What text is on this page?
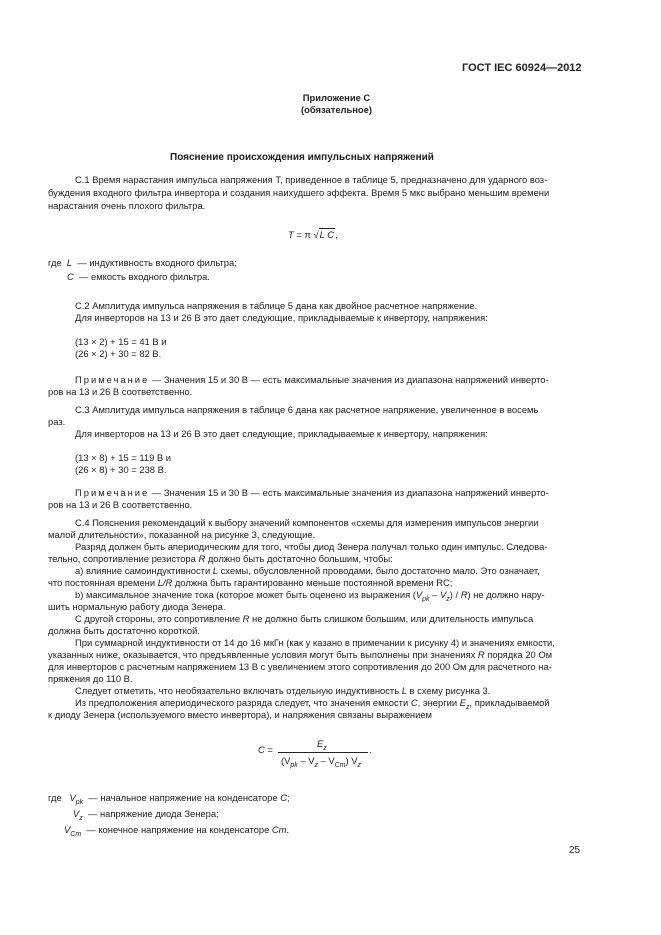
ГОСТ IEC 60924—2012
Приложение С
(обязательное)
Пояснение происхождения импульсных напряжений
С.1 Время нарастания импульса напряжения Т, приведенное в таблице 5, предназначено для ударного воз-
буждения входного фильтра инвертора и создания наихудшего эффекта. Время 5 мкс выбрано меньшим времени
нарастания очень плохого фильтра.
T = π √L C,
где L — индуктивность входного фильтра;
C — емкость входного фильтра.
С.2 Амплитуда импульса напряжения в таблице 5 дана как двойное расчетное напряжение.
Для инверторов на 13 и 26 В это дает следующие, прикладываемые к инвертору, напряжения:
(13 × 2) + 15 = 41 В и
(26 × 2) + 30 = 82 В.
Примечание — Значения 15 и 30 В — есть максимальные значения из диапазона напряжений инверто-
ров на 13 и 26 В соответственно.
С.3 Амплитуда импульса напряжения в таблице 6 дана как расчетное напряжение, увеличенное в восемь
раз.
Для инверторов на 13 и 26 В это дает следующие, прикладываемые к инвертору, напряжения:
(13 × 8) + 15 = 119 В и
(26 × 8) + 30 = 238 В.
Примечание — Значения 15 и 30 В — есть максимальные значения из диапазона напряжений инверто-
ров на 13 и 26 В соответственно.
С.4 Пояснения рекомендаций к выбору значений компонентов «схемы для измерения импульсов энергии
малой длительности», показанной на рисунке 3, следующие.
Разряд должен быть апериодическим для того, чтобы диод Зенера получал только один импульс. Следова-
тельно, сопротивление резистора R должно быть достаточно большим, чтобы:
а) влияние самоиндуктивности L схемы, обусловленной проводами, было достаточно мало. Это означает,
что постоянная времени L/R должна быть гарантированно меньше постоянной времени RC;
b) максимальное значение тока (которое может быть оценено из выражения $(V_{pk} - V_z) / R$) не должно нару-
шить нормальную работу диода Зенера.
С другой стороны, это сопротивление R не должно быть слишком большим, или длительность импульса
должна быть достаточно короткой.
При суммарной индуктивности от 14 до 16 мкГн (как у казано в примечании к рисунку 4) и значениях емкости,
указанных ниже, оказывается, что предъявленные условия могут быть выполнены при значениях R порядка 20 Ом
для инверторов с расчетным напряжением 13 В с увеличением этого сопротивления до 200 Ом для расчетного на-
пряжения до 110 В.
Следует отметить, что необязательно включать отдельную индуктивность L в схему рисунка 3.
Из предположения апериодического разряда следует, что значения емкости C, энергии $E_z$, прикладываемой
к диоду Зенера (используемого вместо инвертора), и напряжения связаны выражением
C =
$E_z$
$(V_{pk} - V_z - V_{Cm})$ $V_z$
.
где $V_{pk}$ — начальное напряжение на конденсаторе C;
$V_z$ — напряжение диода Зенера;
$V_{Cm}$ — конечное напряжение на конденсаторе Cm.
25
